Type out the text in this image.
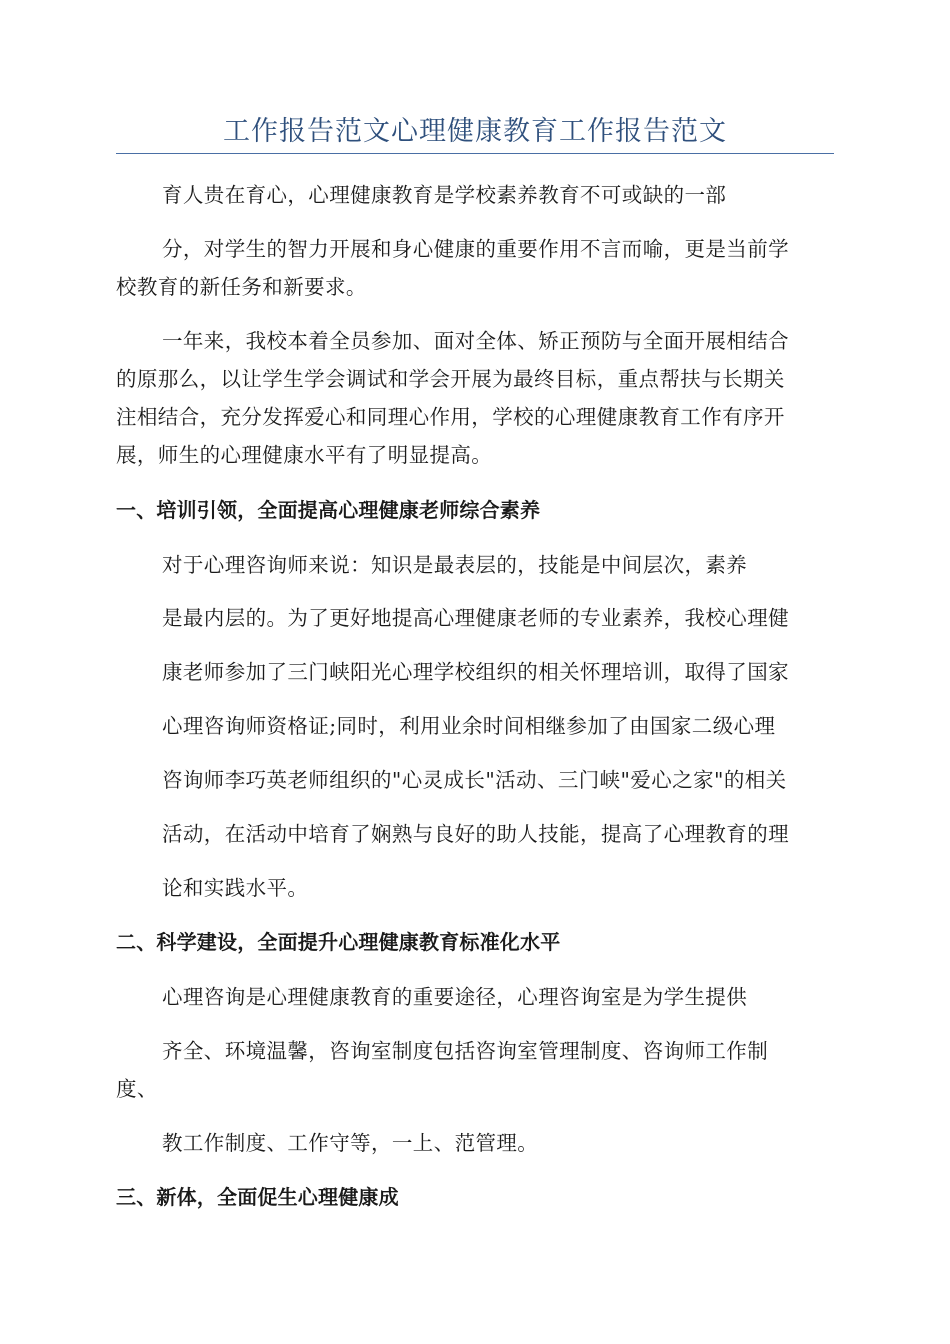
工作报告范文心理健康教育工作报告范文
育人贵在育心，心理健康教育是学校素养教育不可或缺的一部
分，对学生的智力开展和身心健康的重要作用不言而喻，更是当前学
校教育的新任务和新要求。
一年来，我校本着全员参加、面对全体、矫正预防与全面开展相结合
的原那么，以让学生学会调试和学会开展为最终目标，重点帮扶与长期关
注相结合，充分发挥爱心和同理心作用，学校的心理健康教育工作有序开
展，师生的心理健康水平有了明显提高。
一、培训引领，全面提高心理健康老师综合素养
对于心理咨询师来说：知识是最表层的，技能是中间层次，素养
是最内层的。为了更好地提高心理健康老师的专业素养，我校心理健
康老师参加了三门峡阳光心理学校组织的相关怀理培训，取得了国家
心理咨询师资格证;同时，利用业余时间相继参加了由国家二级心理
咨询师李巧英老师组织的"心灵成长"活动、三门峡"爱心之家"的相关
活动，在活动中培育了娴熟与良好的助人技能，提高了心理教育的理
论和实践水平。
二、科学建设，全面提升心理健康教育标准化水平
心理咨询是心理健康教育的重要途径，心理咨询室是为学生提供
齐全、环境温馨，咨询室制度包括咨询室管理制度、咨询师工作制
度、
教工作制度、工作守等，一上、范管理。
三、新体，全面促生心理健康成
